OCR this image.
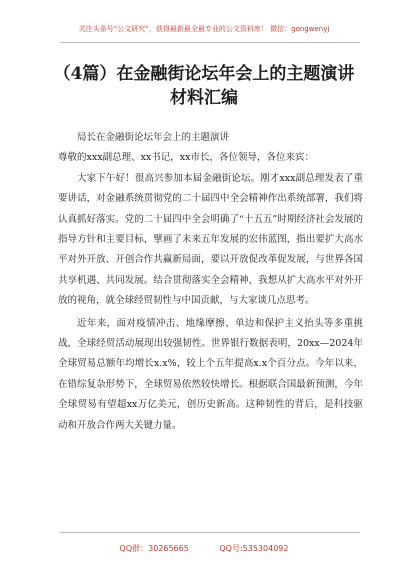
关注头条号“公文研究”，获得最新最全最专业的公文资料库！ 微信：gongwenyj
（4篇）在金融街论坛年会上的主题演讲
材料汇编

局长在金融街论坛年会上的主题演讲

尊敬的xxx副总理、xx书记，xx市长，各位领导，各位来宾：

大家下午好！很高兴参加本届金融街论坛。刚才xxx副总理发表了重要讲话，对金融系统贯彻党的二十届四中全会精神作出系统部署，我们将认真抓好落实。党的二十届四中全会明确了“十五五”时期经济社会发展的指导方针和主要目标，擘画了未来五年发展的宏伟蓝图，指出要扩大高水平对外开放、开创合作共赢新局面，要以开放促改革促发展，与世界各国共享机遇、共同发展。结合贯彻落实全会精神，我想从扩大高水平对外开放的视角，就全球经贸韧性与中国贡献，与大家谈几点思考。

近年来，面对疫情冲击、地缘摩擦、单边和保护主义抬头等多重挑战，全球经贸活动展现出较强韧性。世界银行数据表明，20xx—2024年全球贸易总额年均增长x.x%，较上个五年提高x.x个百分点。今年以来，在错综复杂形势下，全球贸易依然较快增长。根据联合国最新预测，今年全球贸易有望超xx万亿美元，创历史新高。这种韧性的背后，是科技驱动和开放合作两大关键力量。

QQ群：30265665	QQ号:535304092
